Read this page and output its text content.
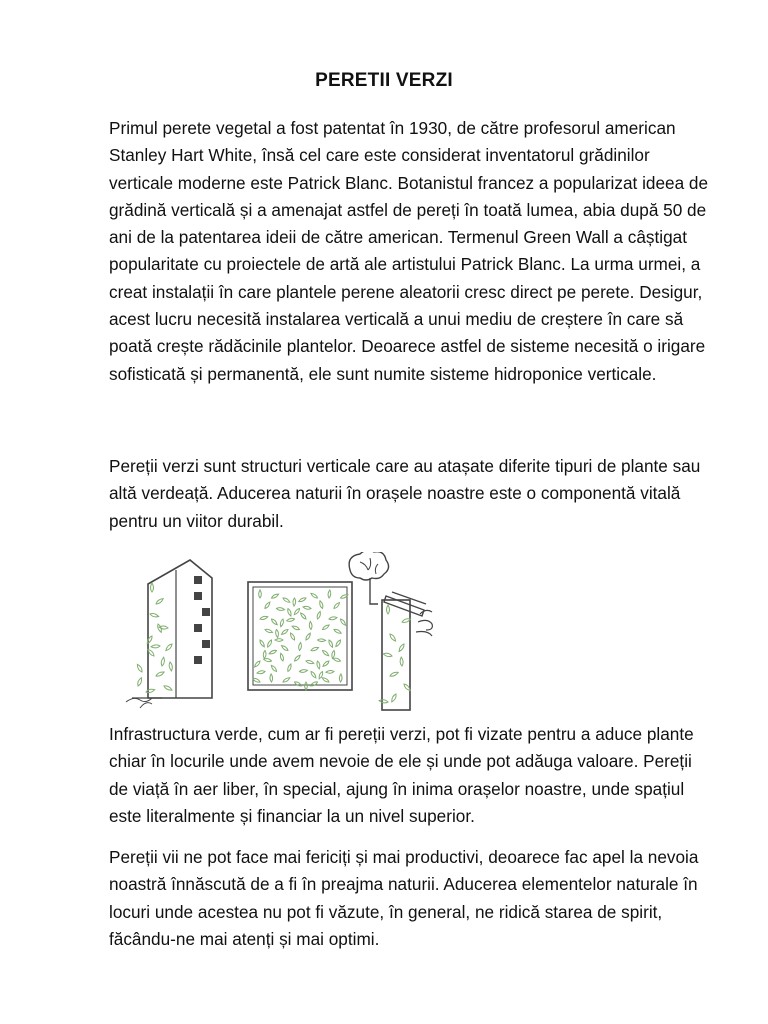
PERETII VERZI

Primul perete vegetal a fost patentat în 1930, de către profesorul american Stanley Hart White, însă cel care este considerat inventatorul grădinilor verticale moderne este Patrick Blanc. Botanistul francez a popularizat ideea de grădină verticală și a amenajat astfel de pereți în toată lumea, abia după 50 de ani de la patentarea ideii de către american. Termenul Green Wall a câștigat popularitate cu proiectele de artă ale artistului Patrick Blanc. La urma urmei, a creat instalații în care plantele perene aleatorii cresc direct pe perete. Desigur, acest lucru necesită instalarea verticală a unui mediu de creștere în care să poată crește rădăcinile plantelor. Deoarece astfel de sisteme necesită o irigare sofisticată și permanentă, ele sunt numite sisteme hidroponice verticale.

Pereții verzi sunt structuri verticale care au atașate diferite tipuri de plante sau altă verdeață. Aducerea naturii în orașele noastre este o componentă vitală pentru un viitor durabil.

Infrastructura verde, cum ar fi pereții verzi, pot fi vizate pentru a aduce plante chiar în locurile unde avem nevoie de ele și unde pot adăuga valoare. Pereții de viață în aer liber, în special, ajung în inima orașelor noastre, unde spațiul este literalmente și financiar la un nivel superior.

Pereții vii ne pot face mai fericiți și mai productivi, deoarece fac apel la nevoia noastră înnăscută de a fi în preajma naturii. Aducerea elementelor naturale în locuri unde acestea nu pot fi văzute, în general, ne ridică starea de spirit, făcându-ne mai atenți și mai optimi.
